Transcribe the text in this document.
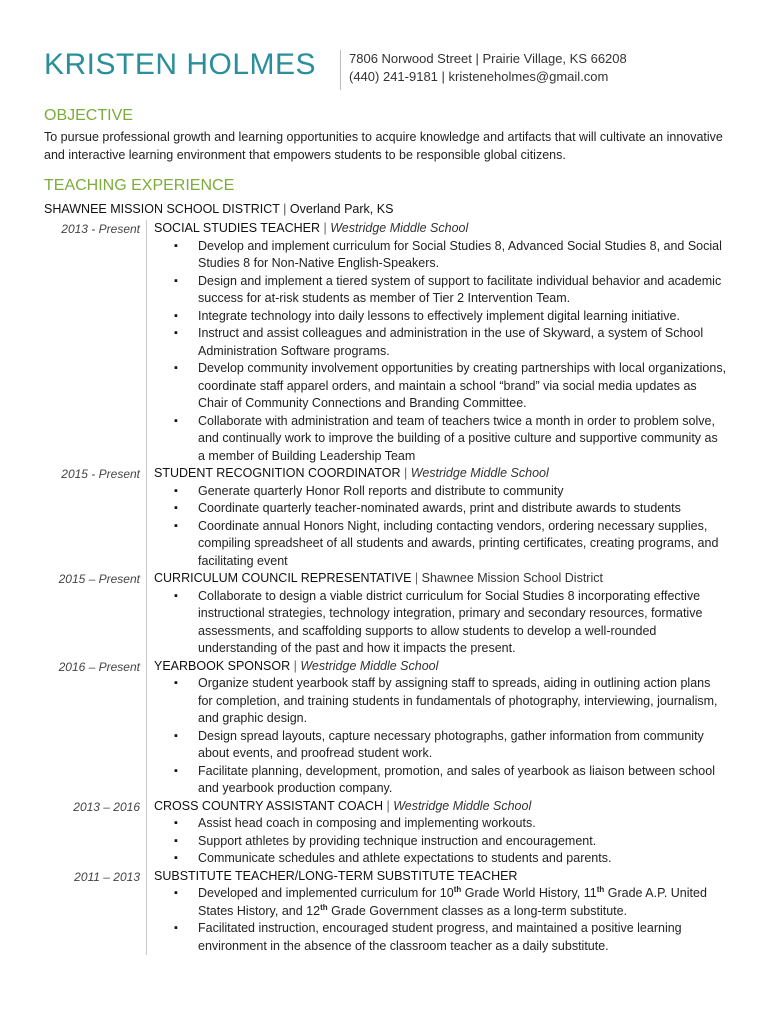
KRISTEN HOLMES	7806 Norwood Street | Prairie Village, KS 66208
(440) 241-9181 | kristeneholmes@gmail.com
OBJECTIVE

To pursue professional growth and learning opportunities to acquire knowledge and artifacts that will cultivate an innovative and interactive learning environment that empowers students to be responsible global citizens.

TEACHING EXPERIENCE
SHAWNEE MISSION SCHOOL DISTRICT | Overland Park, KS
2013 - Present	SOCIAL STUDIES TEACHER | Westridge Middle School
▪ Develop and implement curriculum for Social Studies 8, Advanced Social Studies 8, and Social Studies 8 for Non-Native English-Speakers.
▪ Design and implement a tiered system of support to facilitate individual behavior and academic success for at-risk students as member of Tier 2 Intervention Team.
▪ Integrate technology into daily lessons to effectively implement digital learning initiative.
▪ Instruct and assist colleagues and administration in the use of Skyward, a system of School Administration Software programs.
▪ Develop community involvement opportunities by creating partnerships with local organizations, coordinate staff apparel orders, and maintain a school “brand” via social media updates as Chair of Community Connections and Branding Committee.
▪ Collaborate with administration and team of teachers twice a month in order to problem solve, and continually work to improve the building of a positive culture and supportive community as a member of Building Leadership Team
2015 - Present	STUDENT RECOGNITION COORDINATOR | Westridge Middle School
▪ Generate quarterly Honor Roll reports and distribute to community
▪ Coordinate quarterly teacher-nominated awards, print and distribute awards to students
▪ Coordinate annual Honors Night, including contacting vendors, ordering necessary supplies, compiling spreadsheet of all students and awards, printing certificates, creating programs, and facilitating event
2015 – Present	CURRICULUM COUNCIL REPRESENTATIVE | Shawnee Mission School District
▪ Collaborate to design a viable district curriculum for Social Studies 8 incorporating effective instructional strategies, technology integration, primary and secondary resources, formative assessments, and scaffolding supports to allow students to develop a well-rounded understanding of the past and how it impacts the present.
2016 – Present	YEARBOOK SPONSOR | Westridge Middle School
▪ Organize student yearbook staff by assigning staff to spreads, aiding in outlining action plans for completion, and training students in fundamentals of photography, interviewing, journalism, and graphic design.
▪ Design spread layouts, capture necessary photographs, gather information from community about events, and proofread student work.
▪ Facilitate planning, development, promotion, and sales of yearbook as liaison between school and yearbook production company.
2013 – 2016	CROSS COUNTRY ASSISTANT COACH | Westridge Middle School
▪ Assist head coach in composing and implementing workouts.
▪ Support athletes by providing technique instruction and encouragement.
▪ Communicate schedules and athlete expectations to students and parents.
2011 – 2013	SUBSTITUTE TEACHER/LONG-TERM SUBSTITUTE TEACHER
▪ Developed and implemented curriculum for 10th Grade World History, 11th Grade A.P. United States History, and 12th Grade Government classes as a long-term substitute.
▪ Facilitated instruction, encouraged student progress, and maintained a positive learning environment in the absence of the classroom teacher as a daily substitute.
